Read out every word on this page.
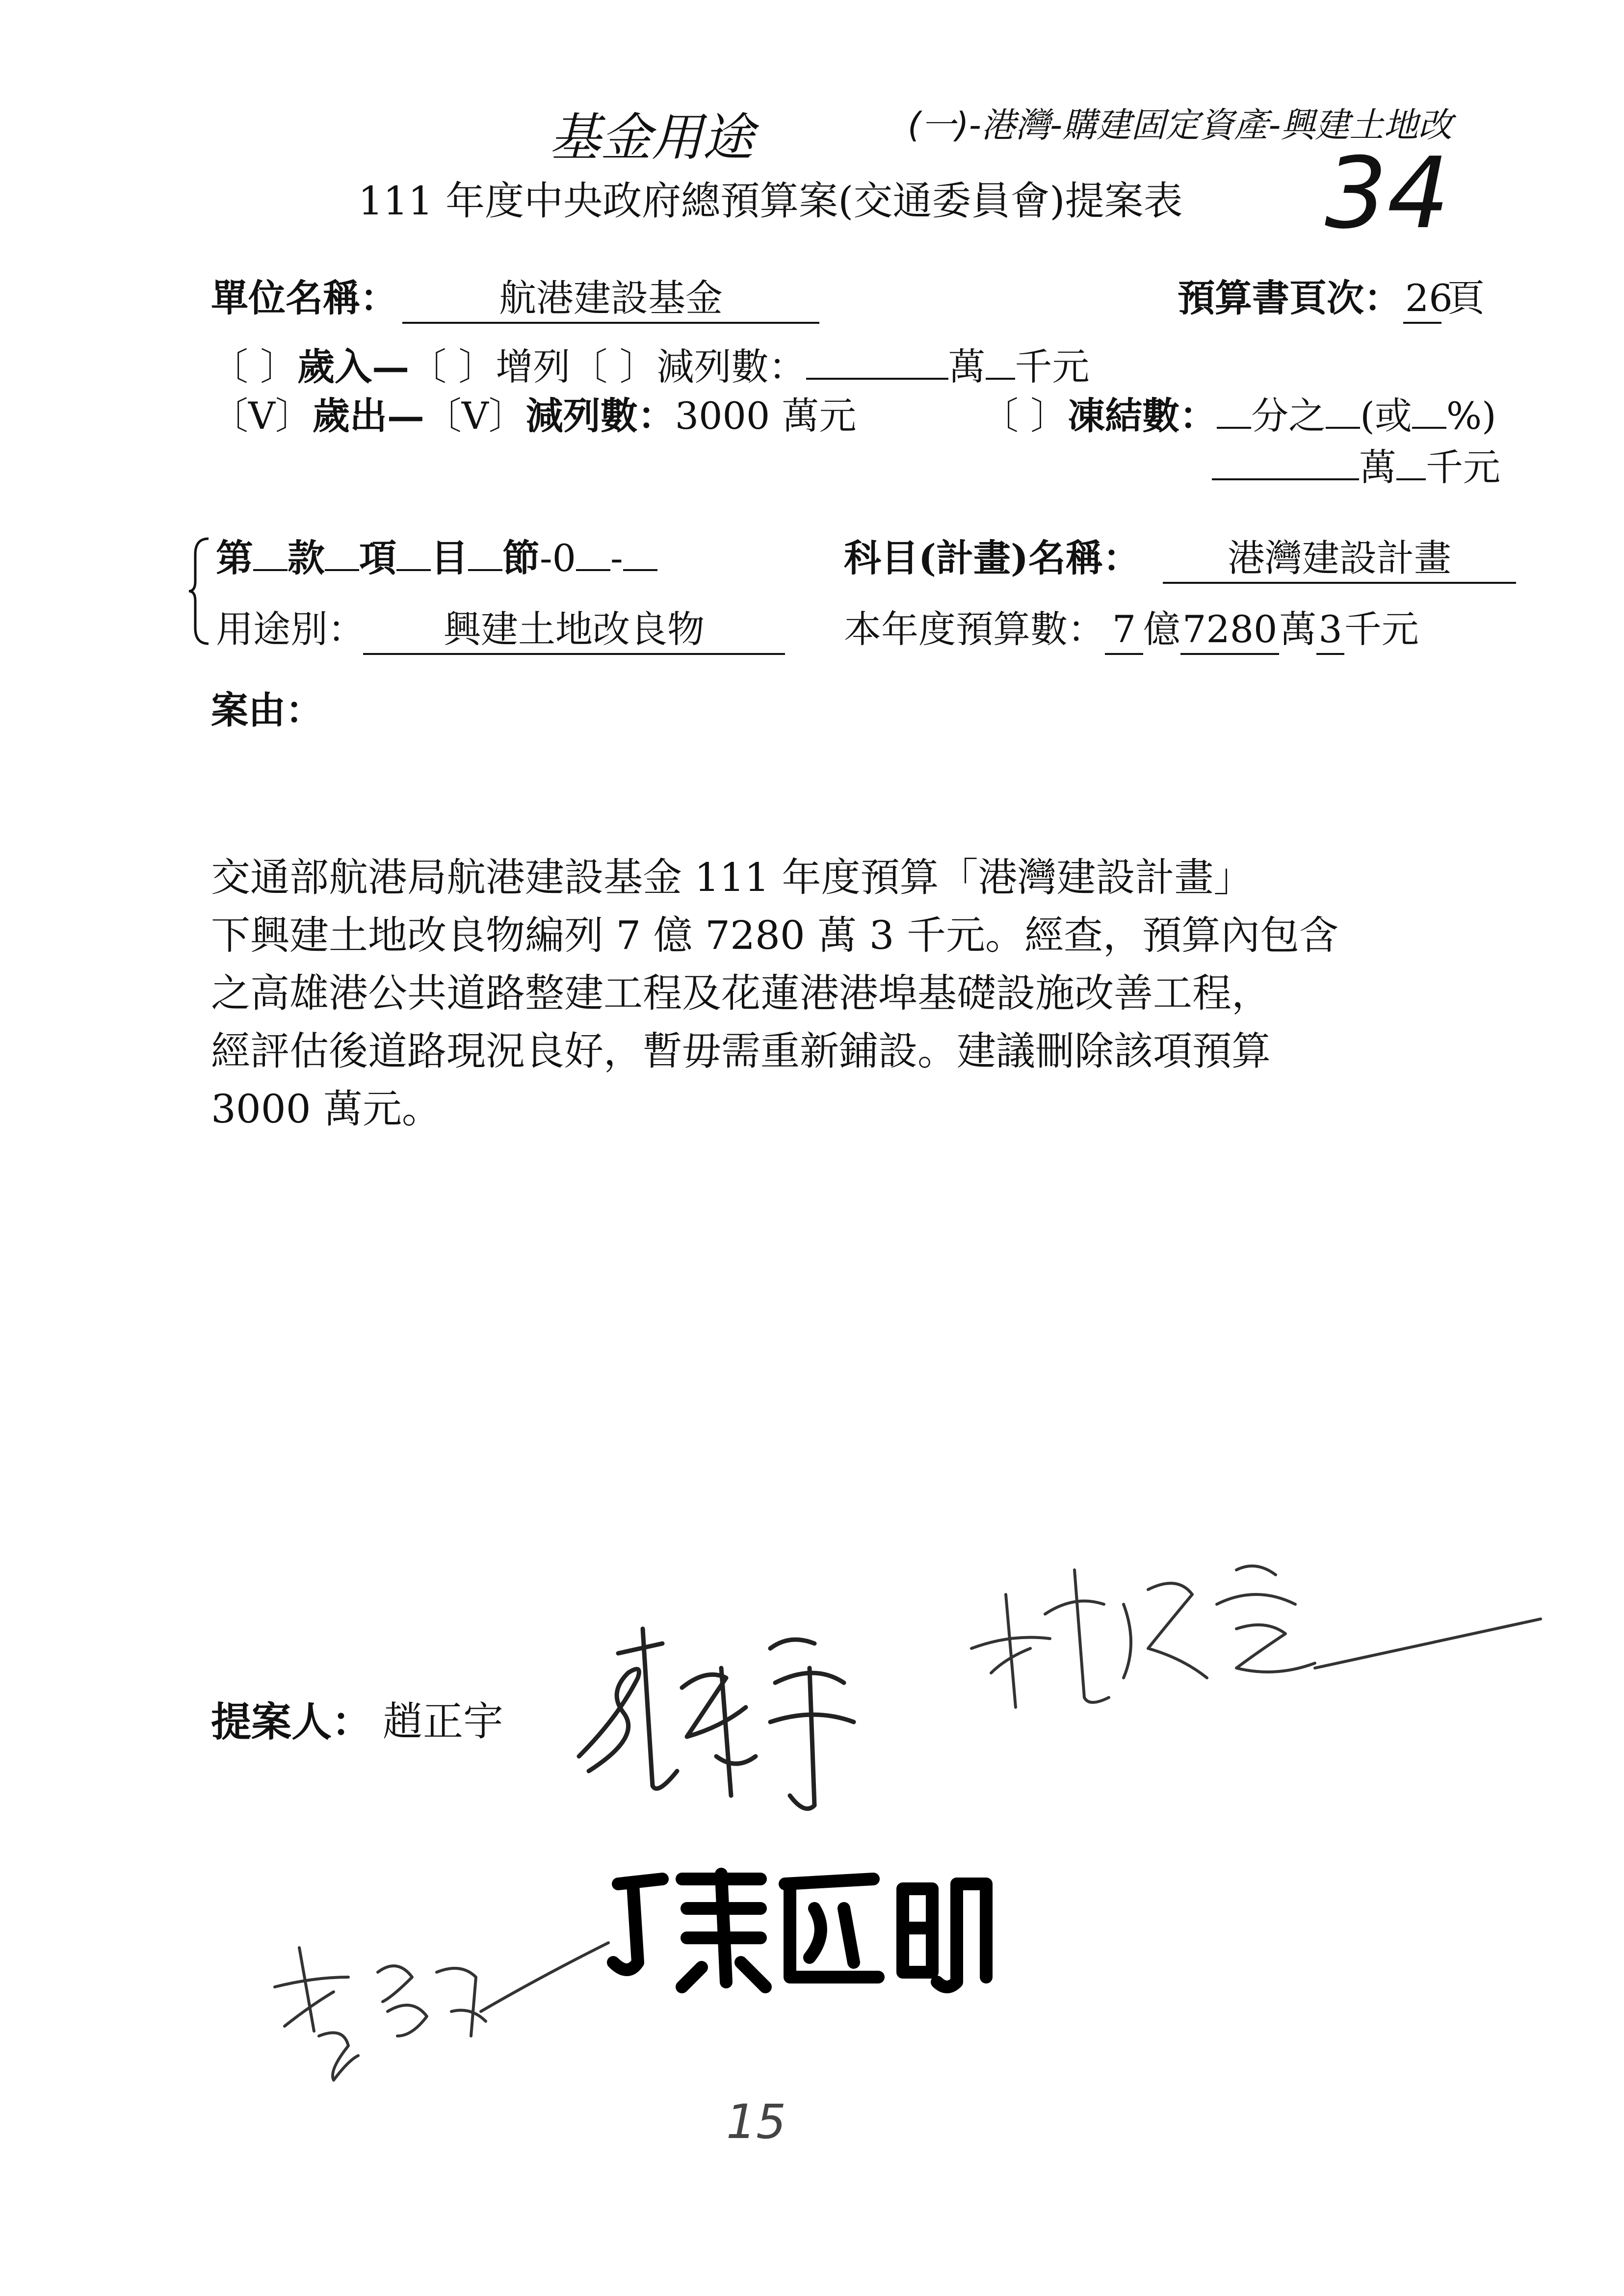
基金用途	(一)-港灣-購建固定資產-興建土地改
34
111 年度中央政府總預算案(交通委員會)提案表
單位名稱：	航港建設基金	預算書頁次： 26
頁
〔 〕歲入—〔 〕增列〔 〕減列數：	萬 千元
〔V〕歲出—〔V〕減列數：3000 萬元	〔 〕凍結數： 分之 (或 %)
萬 千元
第 款 項 目 節-0 -	科目(計畫)名稱：	港灣建設計畫
用途別：	興建土地改良物	本年度預算數： 7 億7280萬3千元
案由：
交通部航港局航港建設基金 111 年度預算「港灣建設計畫」
下興建土地改良物編列 7 億 7280 萬 3 千元。經查，預算內包含
之高雄港公共道路整建工程及花蓮港港埠基礎設施改善工程，
經評估後道路現況良好，暫毋需重新鋪設。建議刪除該項預算
3000 萬元。
提案人： 趙正宇
15
